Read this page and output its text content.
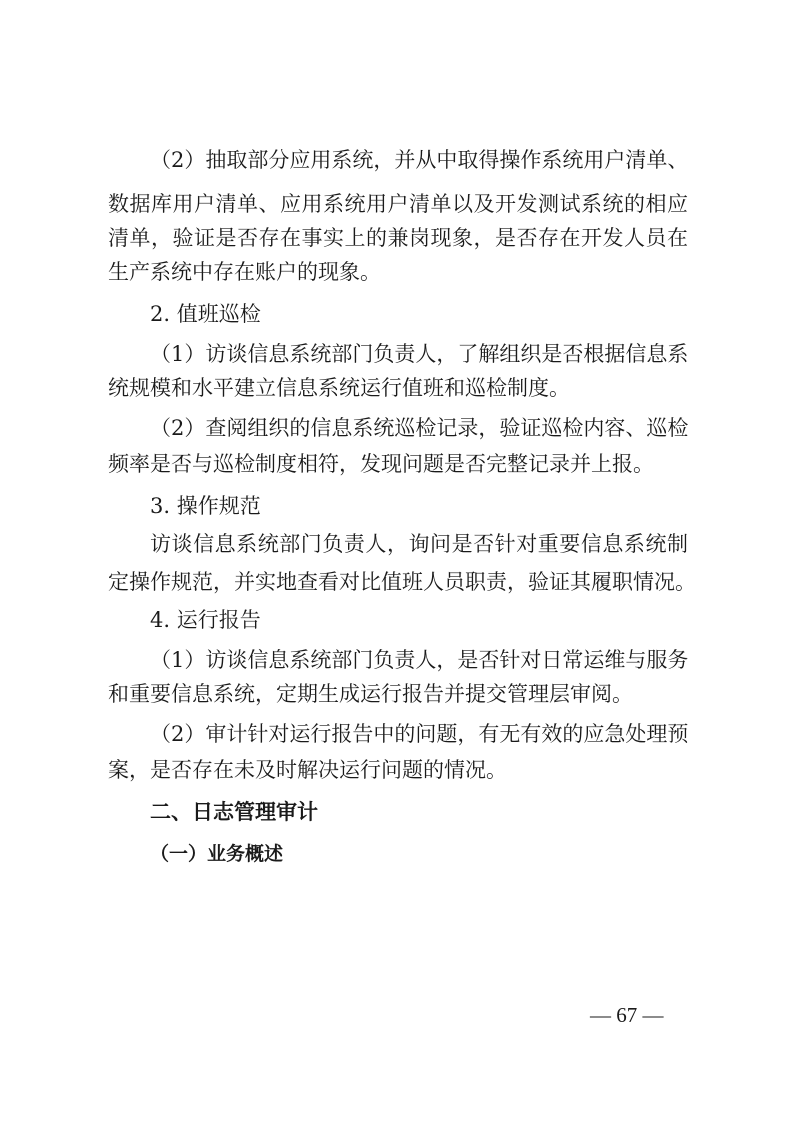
（2）抽取部分应用系统，并从中取得操作系统用户清单、
数据库用户清单、应用系统用户清单以及开发测试系统的相应
清单，验证是否存在事实上的兼岗现象，是否存在开发人员在
生产系统中存在账户的现象。
2. 值班巡检
（1）访谈信息系统部门负责人，了解组织是否根据信息系
统规模和水平建立信息系统运行值班和巡检制度。
（2）查阅组织的信息系统巡检记录，验证巡检内容、巡检
频率是否与巡检制度相符，发现问题是否完整记录并上报。
3. 操作规范
访谈信息系统部门负责人，询问是否针对重要信息系统制
定操作规范，并实地查看对比值班人员职责，验证其履职情况。
4. 运行报告
（1）访谈信息系统部门负责人，是否针对日常运维与服务
和重要信息系统，定期生成运行报告并提交管理层审阅。
（2）审计针对运行报告中的问题，有无有效的应急处理预
案，是否存在未及时解决运行问题的情况。
二、日志管理审计
（一）业务概述
— 67 —
